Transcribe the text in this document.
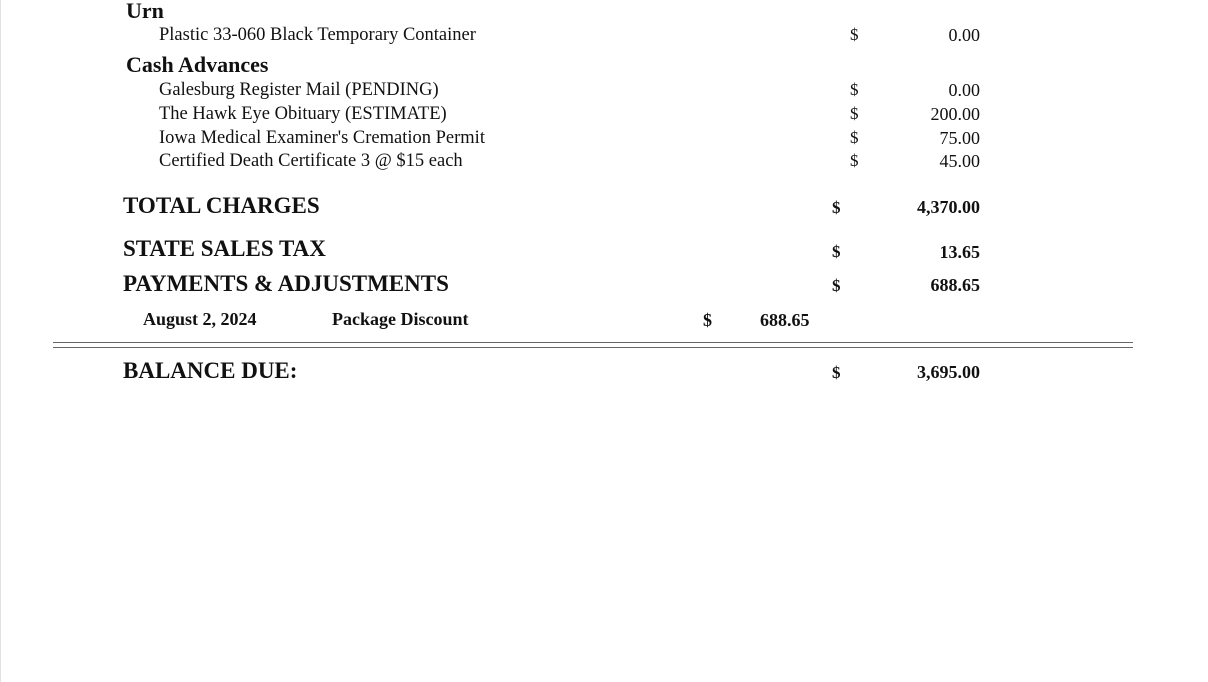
Urn
Plastic 33-060 Black Temporary Container	$	0.00
Cash Advances
Galesburg Register Mail (PENDING)	$	0.00
The Hawk Eye Obituary (ESTIMATE)	$	200.00
Iowa Medical Examiner's Cremation Permit	$	75.00
Certified Death Certificate 3 @ $15 each	$	45.00
TOTAL CHARGES	$	4,370.00
STATE SALES TAX	$	13.65
PAYMENTS & ADJUSTMENTS	$	688.65
August 2, 2024	Package Discount	$	688.65
BALANCE DUE:	$	3,695.00
